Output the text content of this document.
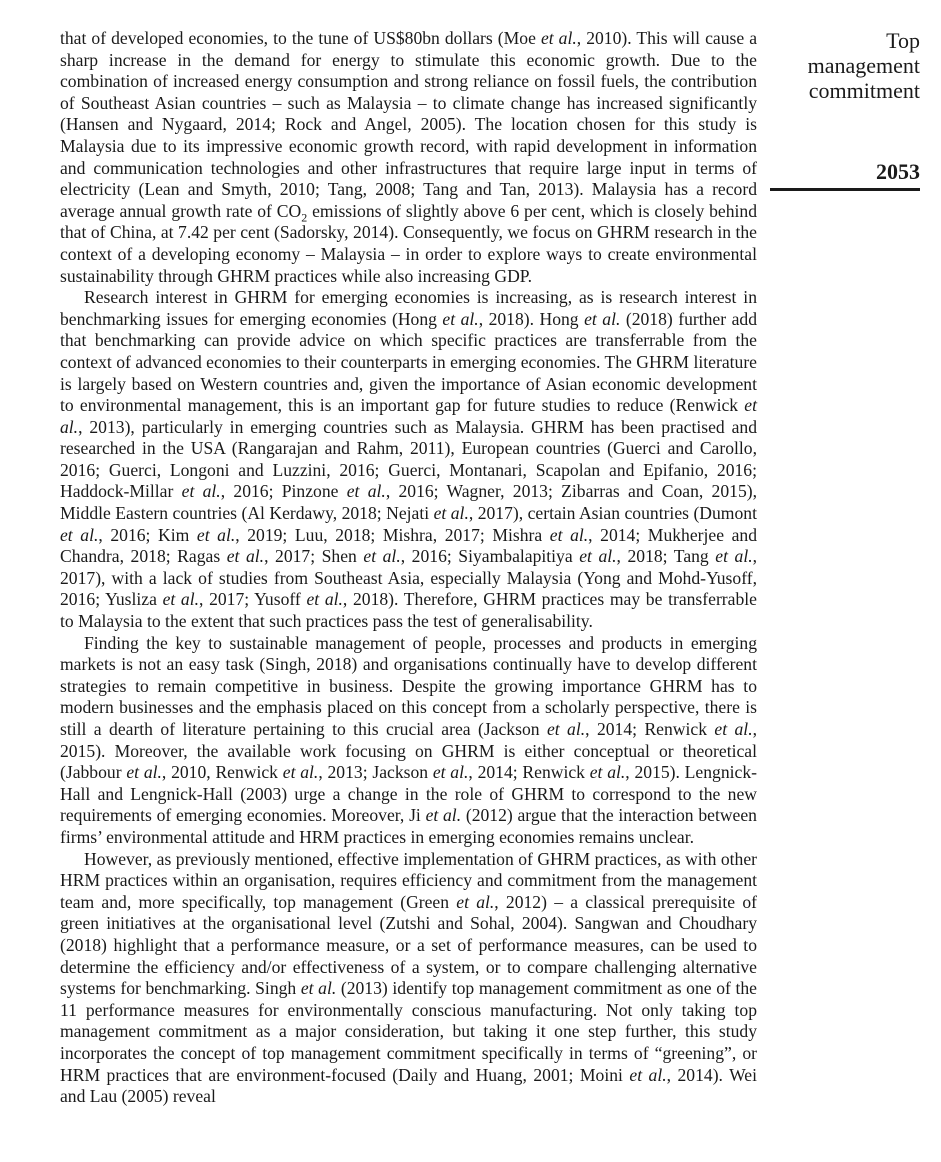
Top
management
commitment

2053

that of developed economies, to the tune of US$80bn dollars (Moe et al., 2010). This will cause a sharp increase in the demand for energy to stimulate this economic growth. Due to the combination of increased energy consumption and strong reliance on fossil fuels, the contribution of Southeast Asian countries – such as Malaysia – to climate change has increased significantly (Hansen and Nygaard, 2014; Rock and Angel, 2005). The location chosen for this study is Malaysia due to its impressive economic growth record, with rapid development in information and communication technologies and other infrastructures that require large input in terms of electricity (Lean and Smyth, 2010; Tang, 2008; Tang and Tan, 2013). Malaysia has a record average annual growth rate of $CO_2$ emissions of slightly above 6 per cent, which is closely behind that of China, at 7.42 per cent (Sadorsky, 2014). Consequently, we focus on GHRM research in the context of a developing economy – Malaysia – in order to explore ways to create environmental sustainability through GHRM practices while also increasing GDP.

Research interest in GHRM for emerging economies is increasing, as is research interest in benchmarking issues for emerging economies (Hong et al., 2018). Hong et al. (2018) further add that benchmarking can provide advice on which specific practices are transferrable from the context of advanced economies to their counterparts in emerging economies. The GHRM literature is largely based on Western countries and, given the importance of Asian economic development to environmental management, this is an important gap for future studies to reduce (Renwick et al., 2013), particularly in emerging countries such as Malaysia. GHRM has been practised and researched in the USA (Rangarajan and Rahm, 2011), European countries (Guerci and Carollo, 2016; Guerci, Longoni and Luzzini, 2016; Guerci, Montanari, Scapolan and Epifanio, 2016; Haddock-Millar et al., 2016; Pinzone et al., 2016; Wagner, 2013; Zibarras and Coan, 2015), Middle Eastern countries (Al Kerdawy, 2018; Nejati et al., 2017), certain Asian countries (Dumont et al., 2016; Kim et al., 2019; Luu, 2018; Mishra, 2017; Mishra et al., 2014; Mukherjee and Chandra, 2018; Ragas et al., 2017; Shen et al., 2016; Siyambalapitiya et al., 2018; Tang et al., 2017), with a lack of studies from Southeast Asia, especially Malaysia (Yong and Mohd-Yusoff, 2016; Yusliza et al., 2017; Yusoff et al., 2018). Therefore, GHRM practices may be transferrable to Malaysia to the extent that such practices pass the test of generalisability.

Finding the key to sustainable management of people, processes and products in emerging markets is not an easy task (Singh, 2018) and organisations continually have to develop different strategies to remain competitive in business. Despite the growing importance GHRM has to modern businesses and the emphasis placed on this concept from a scholarly perspective, there is still a dearth of literature pertaining to this crucial area (Jackson et al., 2014; Renwick et al., 2015). Moreover, the available work focusing on GHRM is either conceptual or theoretical (Jabbour et al., 2010, Renwick et al., 2013; Jackson et al., 2014; Renwick et al., 2015). Lengnick-Hall and Lengnick-Hall (2003) urge a change in the role of GHRM to correspond to the new requirements of emerging economies. Moreover, Ji et al. (2012) argue that the interaction between firms’ environmental attitude and HRM practices in emerging economies remains unclear.

However, as previously mentioned, effective implementation of GHRM practices, as with other HRM practices within an organisation, requires efficiency and commitment from the management team and, more specifically, top management (Green et al., 2012) – a classical prerequisite of green initiatives at the organisational level (Zutshi and Sohal, 2004). Sangwan and Choudhary (2018) highlight that a performance measure, or a set of performance measures, can be used to determine the efficiency and/or effectiveness of a system, or to compare challenging alternative systems for benchmarking. Singh et al. (2013) identify top management commitment as one of the 11 performance measures for environmentally conscious manufacturing. Not only taking top management commitment as a major consideration, but taking it one step further, this study incorporates the concept of top management commitment specifically in terms of “greening”, or HRM practices that are environment-focused (Daily and Huang, 2001; Moini et al., 2014). Wei and Lau (2005) reveal
